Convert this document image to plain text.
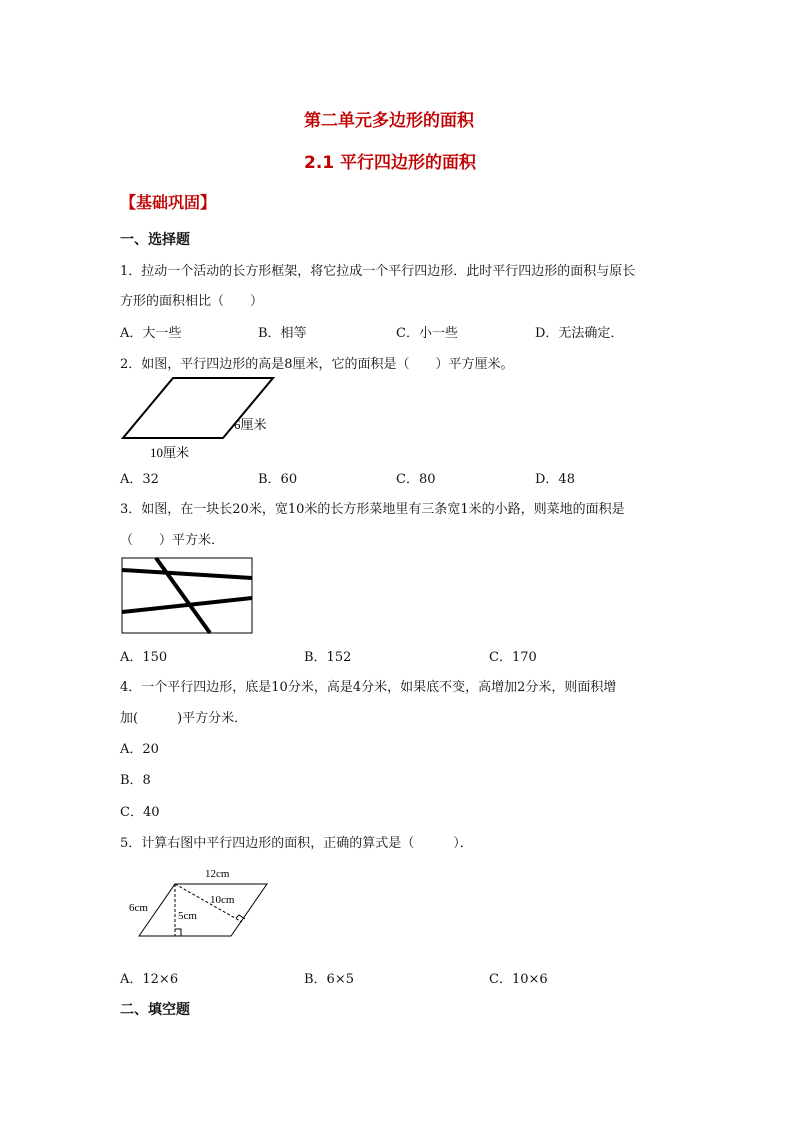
第二单元多边形的面积
2.1 平行四边形的面积
【基础巩固】
一、选择题
1．拉动一个活动的长方形框架，将它拉成一个平行四边形．此时平行四边形的面积与原长
方形的面积相比（　　）
A．大一些	B．相等	C．小一些	D．无法确定．
2．如图，平行四边形的高是8厘米，它的面积是（　　）平方厘米。
6厘米
10厘米
A．32	B．60	C．80	D．48
3．如图，在一块长20米，宽10米的长方形菜地里有三条宽1米的小路，则菜地的面积是
（　　）平方米．
A．150	B．152	C．170
4．一个平行四边形，底是10分米，高是4分米，如果底不变，高增加2分米，则面积增
加(　　　)平方分米．
A．20
B．8
C．40
5．计算右图中平行四边形的面积，正确的算式是（　　　）．
12cm
6cm
10cm
5cm
A．12×6	B．6×5	C．10×6
二、填空题
